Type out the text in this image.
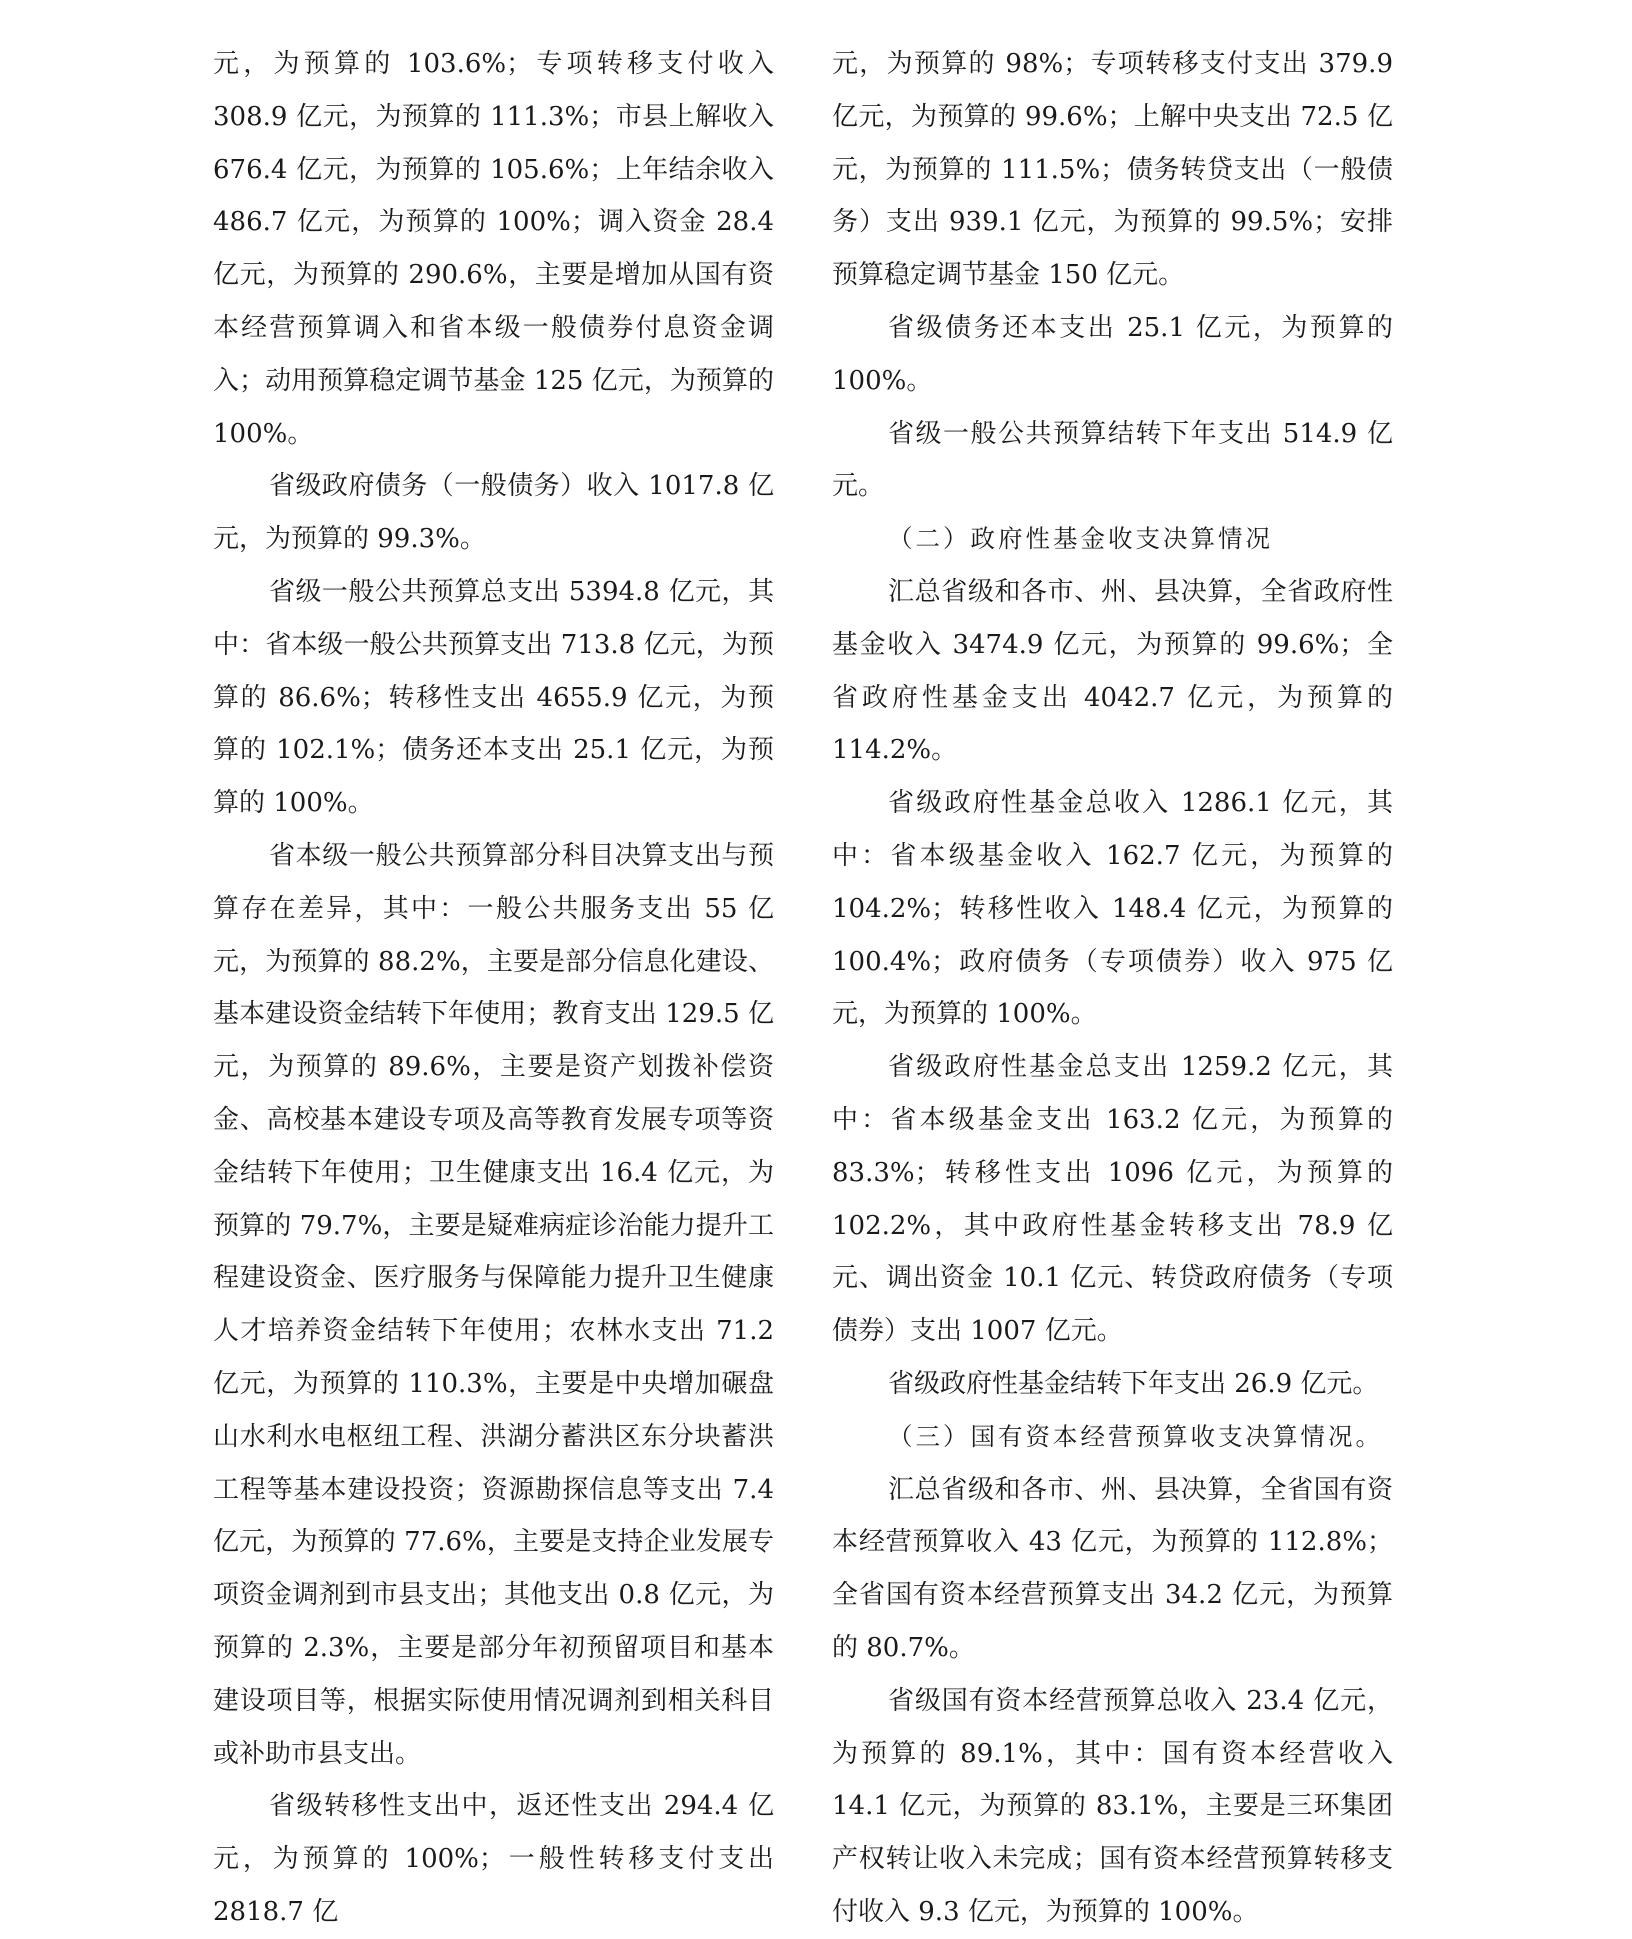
元，为预算的 103.6%；专项转移支付收入 308.9 亿元，为预算的 111.3%；市县上解收入 676.4 亿元，为预算的 105.6%；上年结余收入 486.7 亿元，为预算的 100%；调入资金 28.4 亿元，为预算的 290.6%，主要是增加从国有资本经营预算调入和省本级一般债券付息资金调入；动用预算稳定调节基金 125 亿元，为预算的 100%。

省级政府债务（一般债务）收入 1017.8 亿元，为预算的 99.3%。

省级一般公共预算总支出 5394.8 亿元，其中：省本级一般公共预算支出 713.8 亿元，为预算的 86.6%；转移性支出 4655.9 亿元，为预算的 102.1%；债务还本支出 25.1 亿元，为预算的 100%。

省本级一般公共预算部分科目决算支出与预算存在差异，其中：一般公共服务支出 55 亿元，为预算的 88.2%，主要是部分信息化建设、基本建设资金结转下年使用；教育支出 129.5 亿元，为预算的 89.6%，主要是资产划拨补偿资金、高校基本建设专项及高等教育发展专项等资金结转下年使用；卫生健康支出 16.4 亿元，为预算的 79.7%，主要是疑难病症诊治能力提升工程建设资金、医疗服务与保障能力提升卫生健康人才培养资金结转下年使用；农林水支出 71.2 亿元，为预算的 110.3%，主要是中央增加碾盘山水利水电枢纽工程、洪湖分蓄洪区东分块蓄洪工程等基本建设投资；资源勘探信息等支出 7.4 亿元，为预算的 77.6%，主要是支持企业发展专项资金调剂到市县支出；其他支出 0.8 亿元，为预算的 2.3%，主要是部分年初预留项目和基本建设项目等，根据实际使用情况调剂到相关科目或补助市县支出。

省级转移性支出中，返还性支出 294.4 亿元，为预算的 100%；一般性转移支付支出 2818.7 亿

元，为预算的 98%；专项转移支付支出 379.9 亿元，为预算的 99.6%；上解中央支出 72.5 亿元，为预算的 111.5%；债务转贷支出（一般债务）支出 939.1 亿元，为预算的 99.5%；安排预算稳定调节基金 150 亿元。

省级债务还本支出 25.1 亿元，为预算的 100%。

省级一般公共预算结转下年支出 514.9 亿元。

（二）政府性基金收支决算情况

汇总省级和各市、州、县决算，全省政府性基金收入 3474.9 亿元，为预算的 99.6%；全省政府性基金支出 4042.7 亿元，为预算的 114.2%。

省级政府性基金总收入 1286.1 亿元，其中：省本级基金收入 162.7 亿元，为预算的 104.2%；转移性收入 148.4 亿元，为预算的 100.4%；政府债务（专项债券）收入 975 亿元，为预算的 100%。

省级政府性基金总支出 1259.2 亿元，其中：省本级基金支出 163.2 亿元，为预算的 83.3%；转移性支出 1096 亿元，为预算的 102.2%，其中政府性基金转移支出 78.9 亿元、调出资金 10.1 亿元、转贷政府债务（专项债券）支出 1007 亿元。

省级政府性基金结转下年支出 26.9 亿元。

（三）国有资本经营预算收支决算情况。

汇总省级和各市、州、县决算，全省国有资本经营预算收入 43 亿元，为预算的 112.8%；全省国有资本经营预算支出 34.2 亿元，为预算的 80.7%。

省级国有资本经营预算总收入 23.4 亿元，为预算的 89.1%，其中：国有资本经营收入 14.1 亿元，为预算的 83.1%，主要是三环集团产权转让收入未完成；国有资本经营预算转移支付收入 9.3 亿元，为预算的 100%。
